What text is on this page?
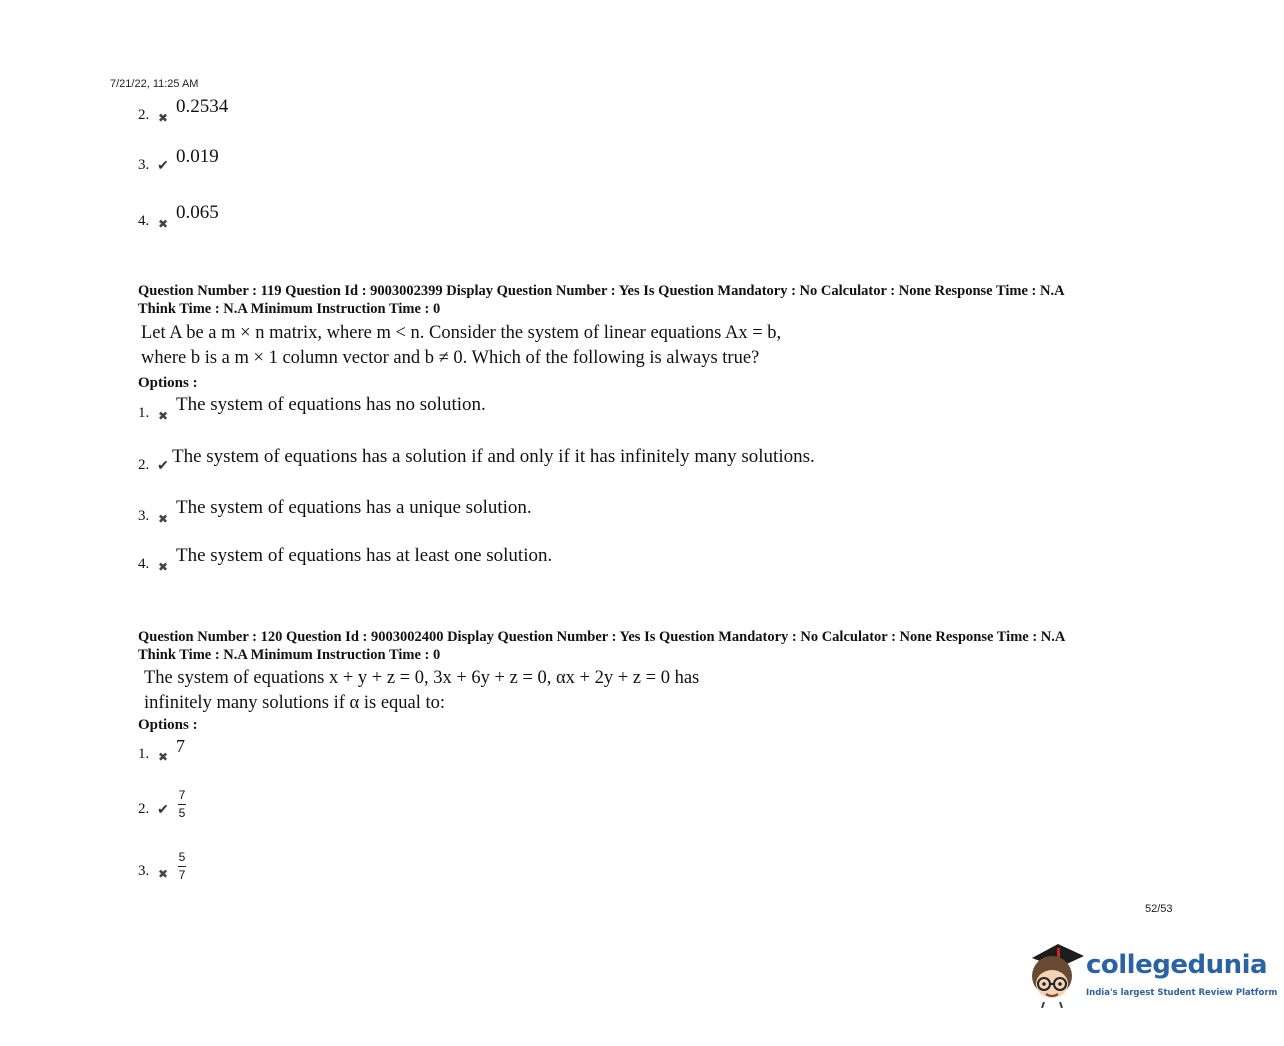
7/21/22, 11:25 AM
2. ✖
0.2534
3. ✔ 0.019
4. ✖
0.065
Question Number : 119 Question Id : 9003002399 Display Question Number : Yes Is Question Mandatory : No Calculator : None Response Time : N.A
Think Time : N.A Minimum Instruction Time : 0
Let A be a m × n matrix, where m < n. Consider the system of linear equations Ax = b,
where b is a m × 1 column vector and b ≠ 0. Which of the following is always true?
Options :
1. ✖
The system of equations has no solution.
2. ✔ The system of equations has a solution if and only if it has infinitely many solutions.
3. ✖
The system of equations has a unique solution.
4. ✖
The system of equations has at least one solution.
Question Number : 120 Question Id : 9003002400 Display Question Number : Yes Is Question Mandatory : No Calculator : None Response Time : N.A
Think Time : N.A Minimum Instruction Time : 0
The system of equations x + y + z = 0, 3x + 6y + z = 0, αx + 2y + z = 0 has
infinitely many solutions if α is equal to:
Options :
1. ✖
7
2. ✔ $\frac{7}{5}$
3. ✖ $\frac{5}{7}$
52/53
collegedunia
India's largest Student Review Platform
